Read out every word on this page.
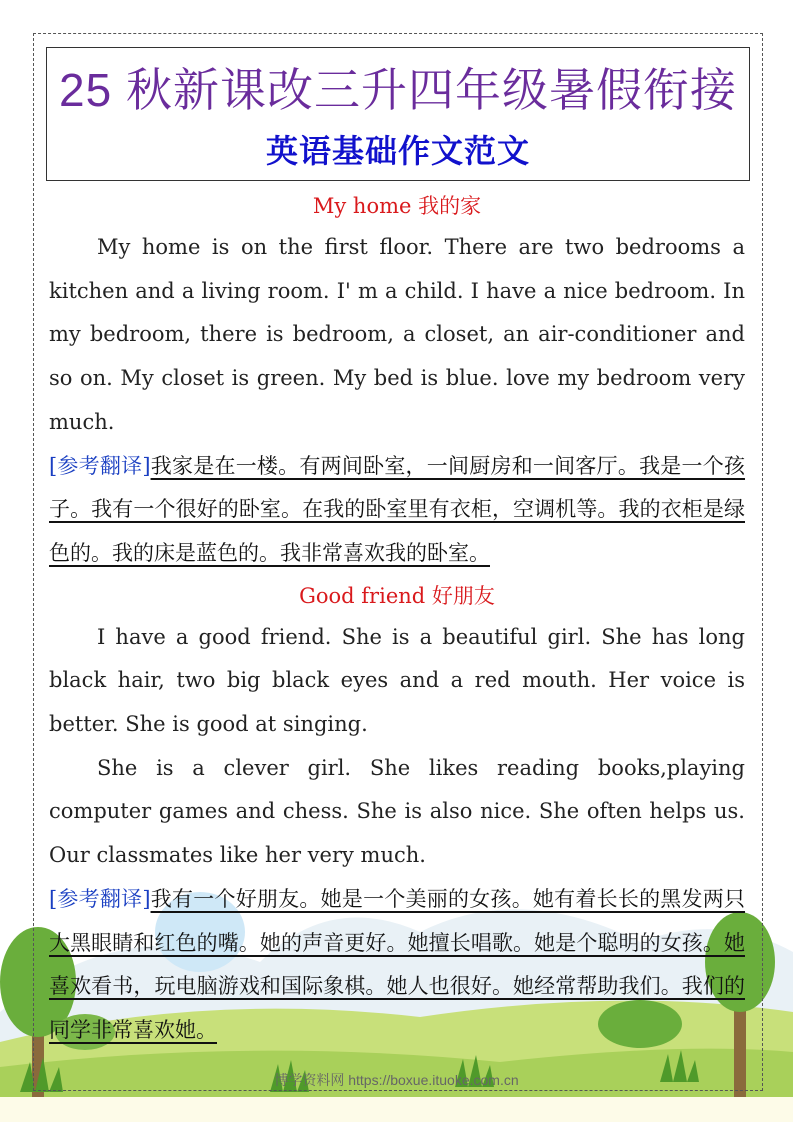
25 秋新课改三升四年级暑假衔接
英语基础作文范文
My home 我的家
My home is on the first floor. There are two bedrooms a kitchen and a living room. I' m a child. I have a nice bedroom. In my bedroom, there is bedroom, a closet, an air-conditioner and so on. My closet is green. My bed is blue. love my bedroom very much.
[参考翻译]我家是在一楼。有两间卧室，一间厨房和一间客厅。我是一个孩子。我有一个很好的卧室。在我的卧室里有衣柜，空调机等。我的衣柜是绿色的。我的床是蓝色的。我非常喜欢我的卧室。
Good friend 好朋友
I have a good friend. She is a beautiful girl. She has long black hair, two big black eyes and a red mouth. Her voice is better. She is good at singing.
She is a clever girl. She likes reading books,playing computer games and chess. She is also nice. She often helps us. Our classmates like her very much.
[参考翻译]我有一个好朋友。她是一个美丽的女孩。她有着长长的黑发两只大黑眼睛和红色的嘴。她的声音更好。她擅长唱歌。她是个聪明的女孩。她喜欢看书，玩电脑游戏和国际象棋。她人也很好。她经常帮助我们。我们的同学非常喜欢她。
博学资料网 https://boxue.ituoke.com.cn
